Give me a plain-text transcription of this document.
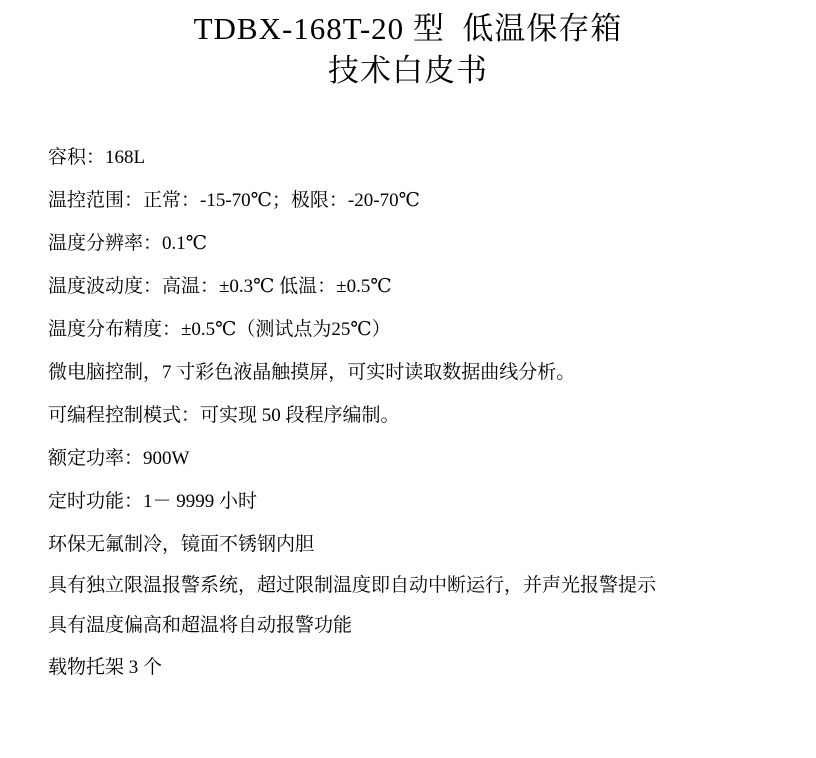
TDBX-168T-20 型  低温保存箱
技术白皮书
容积：168L
温控范围：正常：-15-70℃；极限：-20-70℃
温度分辨率：0.1℃
温度波动度：高温：±0.3℃ 低温：±0.5℃
温度分布精度：±0.5℃（测试点为25℃）
微电脑控制，7 寸彩色液晶触摸屏，可实时读取数据曲线分析。
可编程控制模式：可实现 50 段程序编制。
额定功率：900W
定时功能：1－ 9999 小时
环保无氟制冷，镜面不锈钢内胆
具有独立限温报警系统，超过限制温度即自动中断运行，并声光报警提示
具有温度偏高和超温将自动报警功能
载物托架 3 个
